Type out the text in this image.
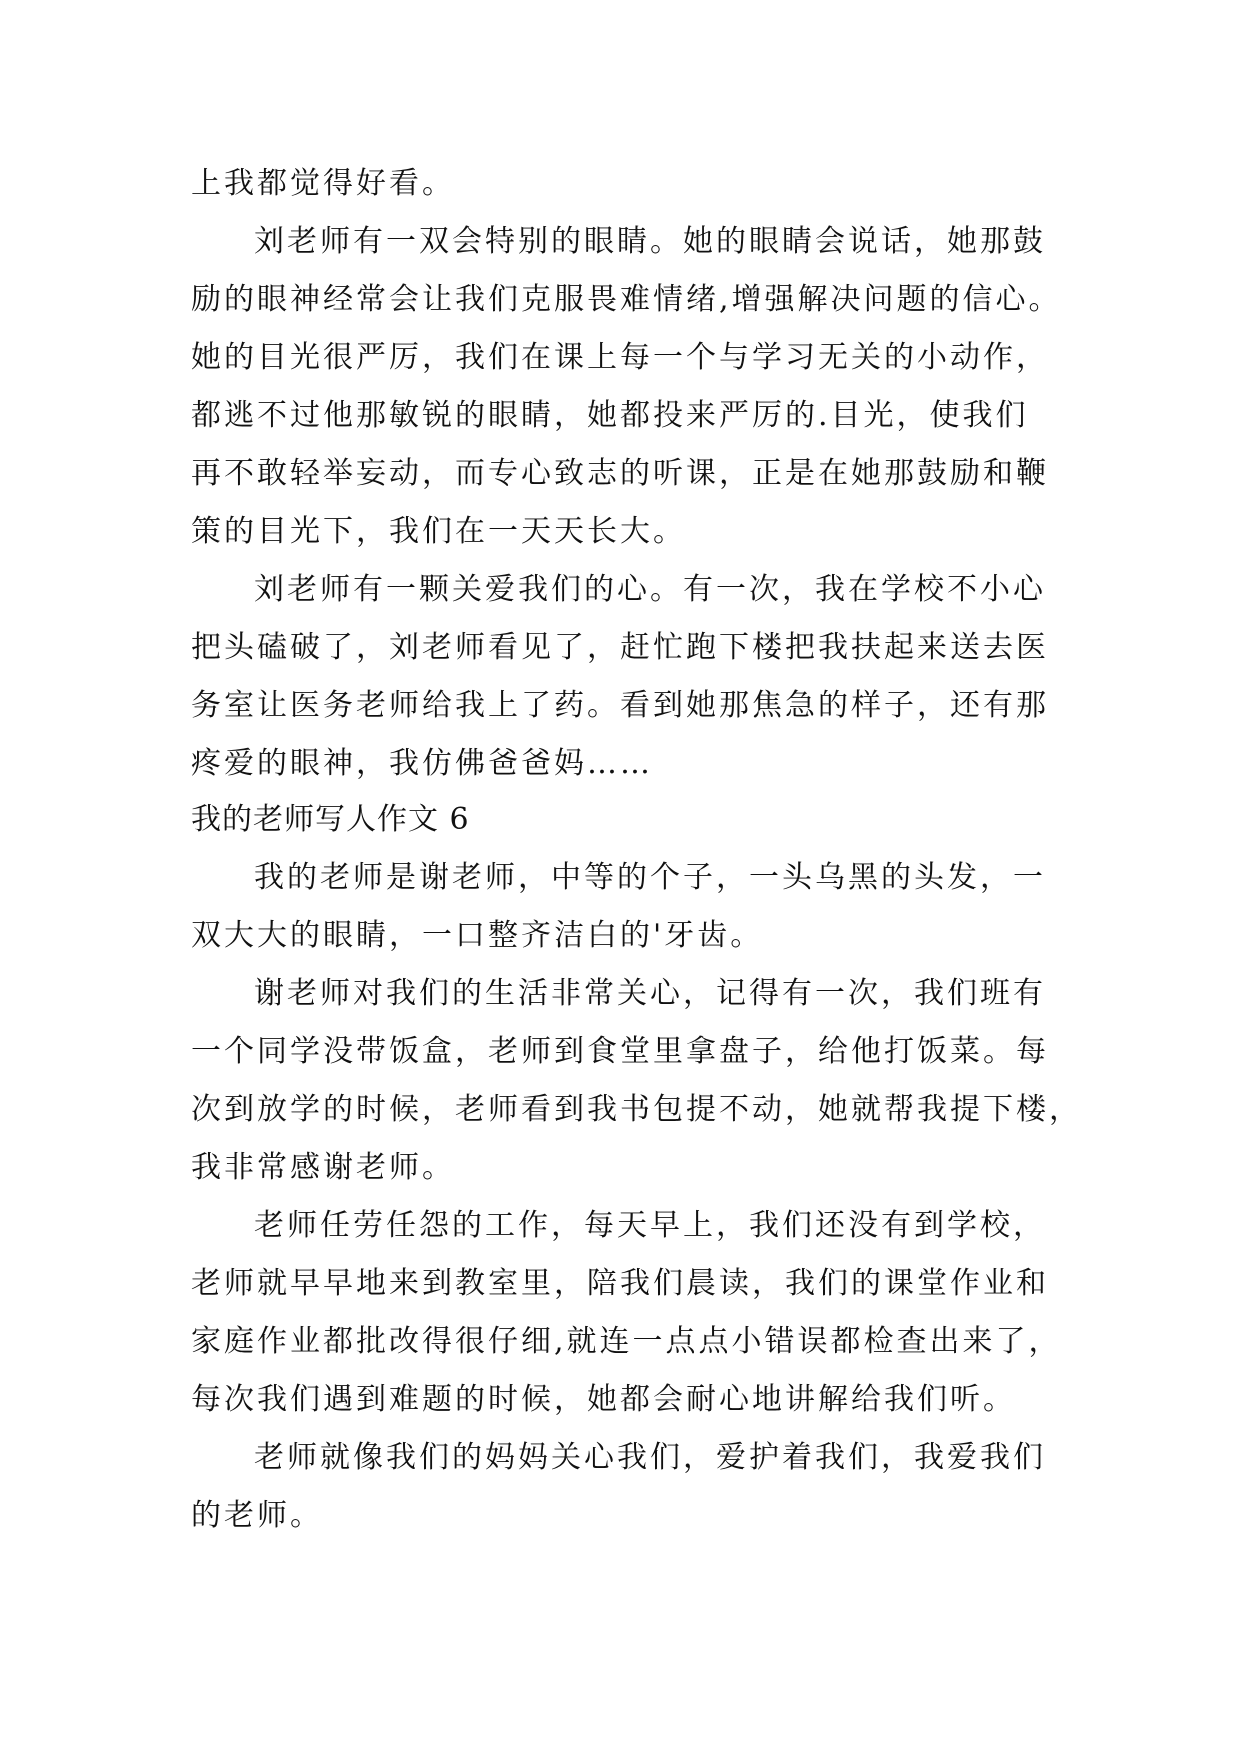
上我都觉得好看。
刘老师有一双会特别的眼睛。她的眼睛会说话，她那鼓
励的眼神经常会让我们克服畏难情绪,增强解决问题的信心。
她的目光很严厉，我们在课上每一个与学习无关的小动作，
都逃不过他那敏锐的眼睛，她都投来严厉的.目光，使我们
再不敢轻举妄动，而专心致志的听课，正是在她那鼓励和鞭
策的目光下，我们在一天天长大。
刘老师有一颗关爱我们的心。有一次，我在学校不小心
把头磕破了，刘老师看见了，赶忙跑下楼把我扶起来送去医
务室让医务老师给我上了药。看到她那焦急的样子，还有那
疼爱的眼神，我仿佛爸爸妈……
我的老师写人作文 6
我的老师是谢老师，中等的个子，一头乌黑的头发，一
双大大的眼睛，一口整齐洁白的'牙齿。
谢老师对我们的生活非常关心，记得有一次，我们班有
一个同学没带饭盒，老师到食堂里拿盘子，给他打饭菜。每
次到放学的时候，老师看到我书包提不动，她就帮我提下楼，
我非常感谢老师。
老师任劳任怨的工作，每天早上，我们还没有到学校，
老师就早早地来到教室里，陪我们晨读，我们的课堂作业和
家庭作业都批改得很仔细,就连一点点小错误都检查出来了，
每次我们遇到难题的时候，她都会耐心地讲解给我们听。
老师就像我们的妈妈关心我们，爱护着我们，我爱我们
的老师。
